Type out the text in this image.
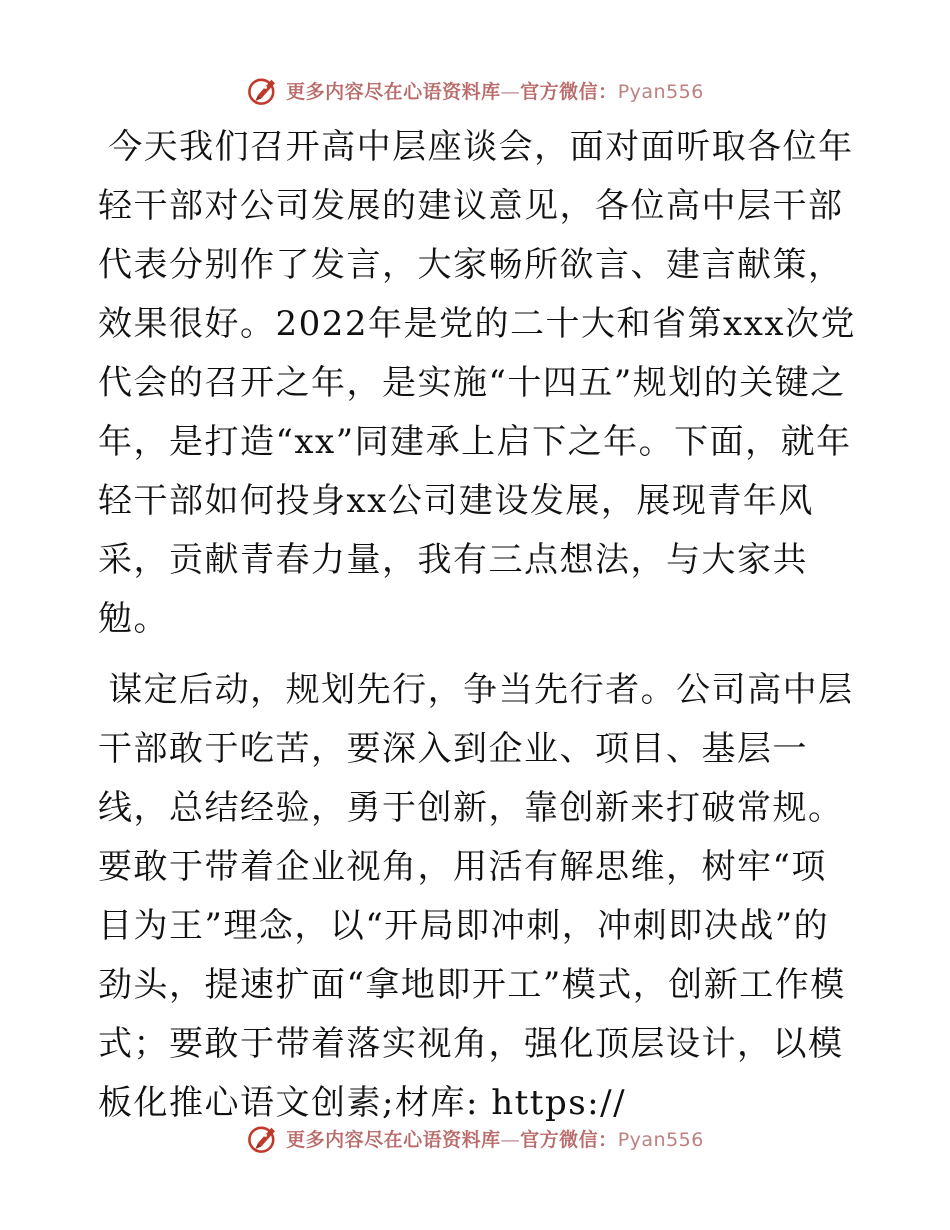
更多内容尽在心语资料库—官方微信：Pyan556

今天我们召开高中层座谈会，面对面听取各位年轻干部对公司发展的建议意见，各位高中层干部代表分别作了发言，大家畅所欲言、建言献策，效果很好。2022年是党的二十大和省第xxx次党代会的召开之年，是实施“十四五”规划的关键之年，是打造“xx”同建承上启下之年。下面，就年轻干部如何投身xx公司建设发展，展现青年风采，贡献青春力量，我有三点想法，与大家共勉。

谋定后动，规划先行，争当先行者。公司高中层干部敢于吃苦，要深入到企业、项目、基层一线，总结经验，勇于创新，靠创新来打破常规。要敢于带着企业视角，用活有解思维，树牢“项目为王”理念，以“开局即冲刺，冲刺即决战”的劲头，提速扩面“拿地即开工”模式，创新工作模式；要敢于带着落实视角，强化顶层设计，以模板化推心语文创素;材库: https://

更多内容尽在心语资料库—官方微信：Pyan556
